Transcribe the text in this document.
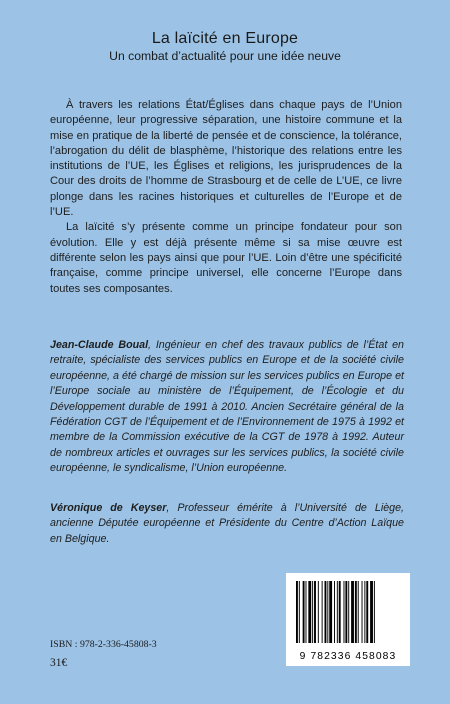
La laïcité en Europe
Un combat d’actualité pour une idée neuve

À travers les relations État/Églises dans chaque pays de l’Union européenne, leur progressive séparation, une histoire commune et la mise en pratique de la liberté de pensée et de conscience, la tolérance, l’abrogation du délit de blasphème, l’historique des relations entre les institutions de l’UE, les Églises et religions, les jurisprudences de la Cour des droits de l’homme de Strasbourg et de celle de L’UE, ce livre plonge dans les racines historiques et culturelles de l’Europe et de l’UE.

La laïcité s’y présente comme un principe fondateur pour son évolution. Elle y est déjà présente même si sa mise œuvre est différente selon les pays ainsi que pour l’UE. Loin d’être une spécificité française, comme principe universel, elle concerne l’Europe dans toutes ses composantes.

Jean-Claude Boual, Ingénieur en chef des travaux publics de l’État en retraite, spécialiste des services publics en Europe et de la société civile européenne, a été chargé de mission sur les services publics en Europe et l’Europe sociale au ministère de l’Équipement, de l’Écologie et du Développement durable de 1991 à 2010. Ancien Secrétaire général de la Fédération CGT de l’Équipement et de l’Environnement de 1975 à 1992 et membre de la Commission exécutive de la CGT de 1978 à 1992. Auteur de nombreux articles et ouvrages sur les services publics, la société civile européenne, le syndicalisme, l’Union européenne.

Véronique de Keyser, Professeur émérite à l’Université de Liège, ancienne Députée européenne et Présidente du Centre d’Action Laïque en Belgique.

ISBN : 978-2-336-45808-3
31€
9 782336 458083
